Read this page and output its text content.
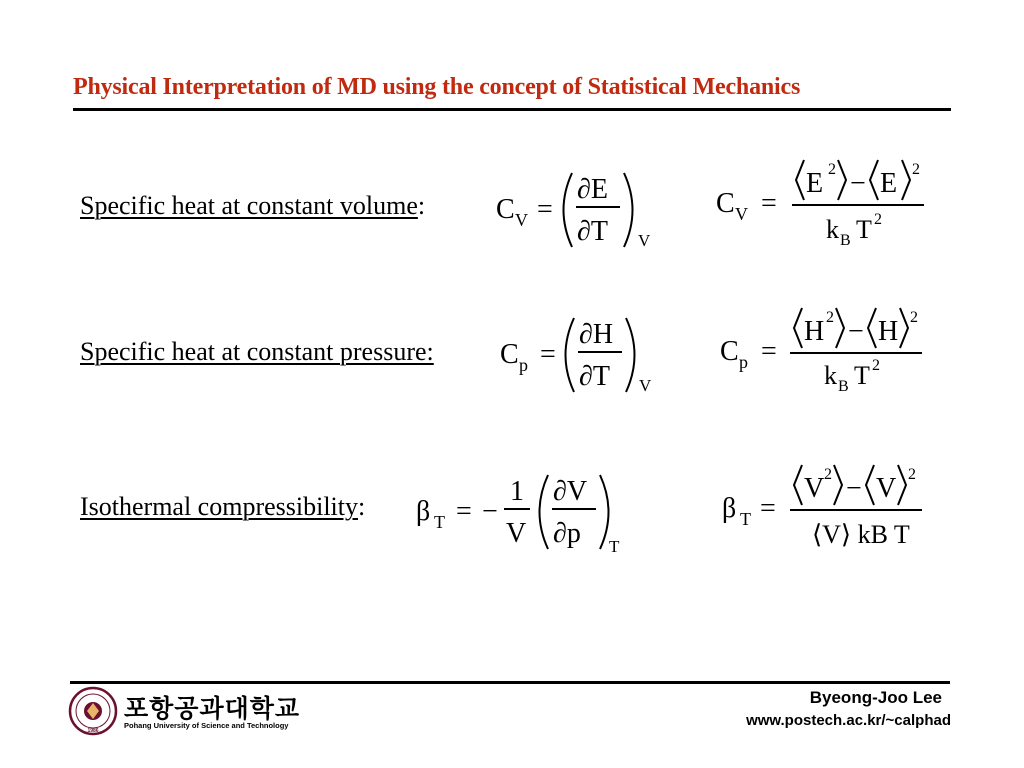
Physical Interpretation of MD using the concept of Statistical Mechanics
Specific heat at constant volume:	C V =
∂E
∂T V
C V =
E 2 − E 2
k B T 2
Specific heat at constant pressure: C p =
∂H
∂T V
C p =
H 2 − H 2
k B T 2
Isothermal compressibility: β T = −
1
V
∂V
∂p T
β T =
V 2 − V 2
⟨V⟩ kB T
1986
포항공과대학교
Pohang University of Science and Technology
Byeong-Joo Lee
www.postech.ac.kr/~calphad
